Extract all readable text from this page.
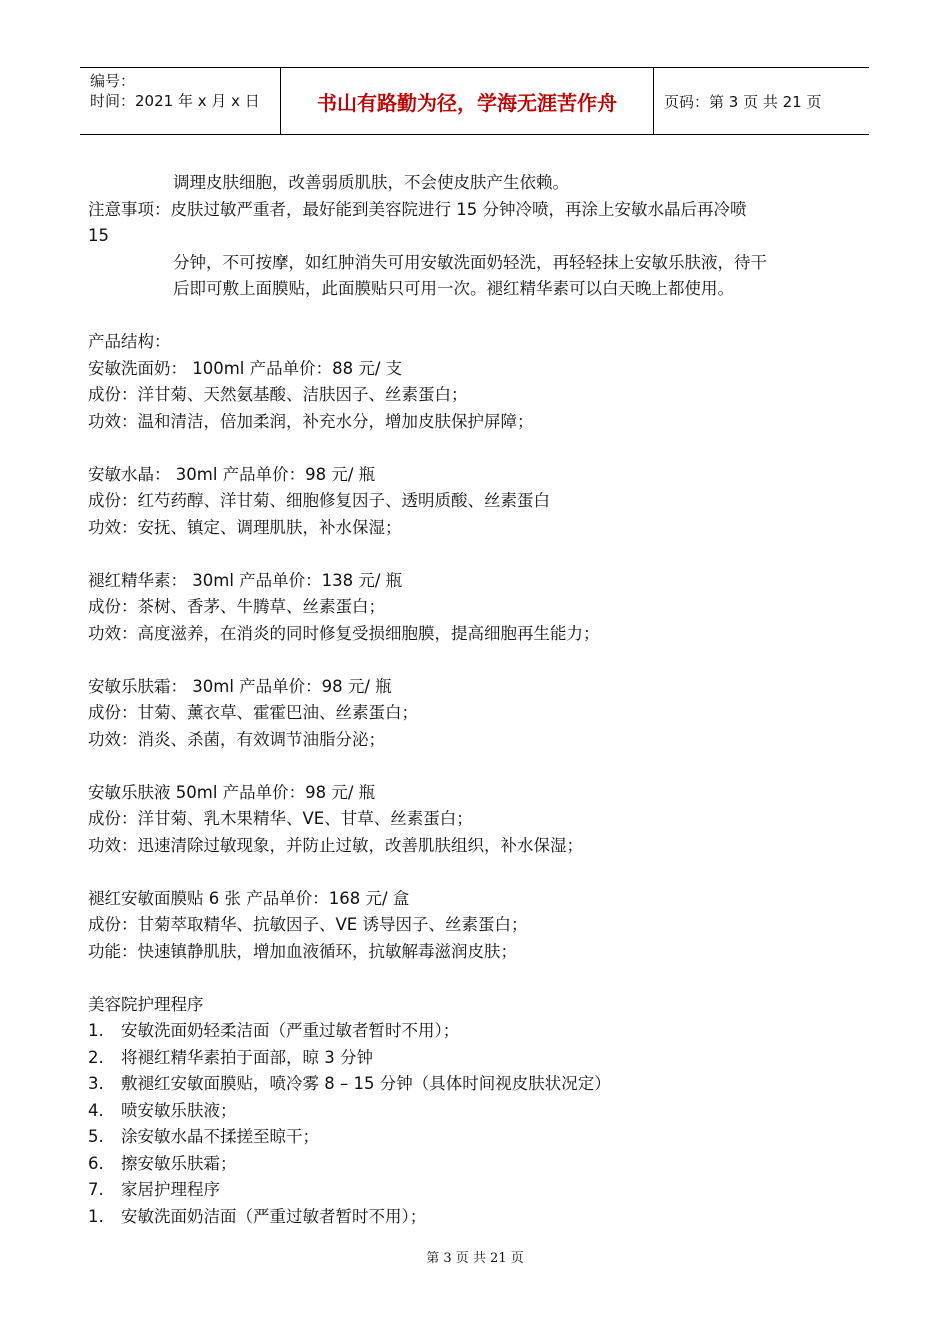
编号：
时间：2021 年 x 月 x 日	书山有路勤为径，学海无涯苦作舟	页码：第 3 页 共 21 页
调理皮肤细胞，改善弱质肌肤，不会使皮肤产生依赖。
注意事项：皮肤过敏严重者，最好能到美容院进行 15 分钟冷喷，再涂上安敏水晶后再冷喷
15
分钟，不可按摩，如红肿消失可用安敏洗面奶轻洗，再轻轻抹上安敏乐肤液，待干
后即可敷上面膜贴，此面膜贴只可用一次。褪红精华素可以白天晚上都使用。
产品结构：
安敏洗面奶： 100ml 产品单价：88 元/ 支
成份：洋甘菊、天然氨基酸、洁肤因子、丝素蛋白；
功效：温和清洁，倍加柔润，补充水分，增加皮肤保护屏障；
安敏水晶： 30ml 产品单价：98 元/ 瓶
成份：红芍药醇、洋甘菊、细胞修复因子、透明质酸、丝素蛋白
功效：安抚、镇定、调理肌肤，补水保湿；
褪红精华素： 30ml 产品单价：138 元/ 瓶
成份：茶树、香茅、牛腾草、丝素蛋白；
功效：高度滋养，在消炎的同时修复受损细胞膜，提高细胞再生能力；
安敏乐肤霜： 30ml 产品单价：98 元/ 瓶
成份：甘菊、薰衣草、霍霍巴油、丝素蛋白；
功效：消炎、杀菌，有效调节油脂分泌；
安敏乐肤液 50ml 产品单价：98 元/ 瓶
成份：洋甘菊、乳木果精华、VE、甘草、丝素蛋白；
功效：迅速清除过敏现象，并防止过敏，改善肌肤组织，补水保湿；
褪红安敏面膜贴 6 张 产品单价：168 元/ 盒
成份：甘菊萃取精华、抗敏因子、VE 诱导因子、丝素蛋白；
功能：快速镇静肌肤，增加血液循环，抗敏解毒滋润皮肤；
美容院护理程序
1.	安敏洗面奶轻柔洁面（严重过敏者暂时不用）；
2.	将褪红精华素拍于面部，晾 3 分钟
3.	敷褪红安敏面膜贴，喷冷雾 8 – 15 分钟（具体时间视皮肤状况定）
4.	喷安敏乐肤液；
5.	涂安敏水晶不揉搓至晾干；
6.	擦安敏乐肤霜；
7.	家居护理程序
1.	安敏洗面奶洁面（严重过敏者暂时不用）；
第 3 页 共 21 页
